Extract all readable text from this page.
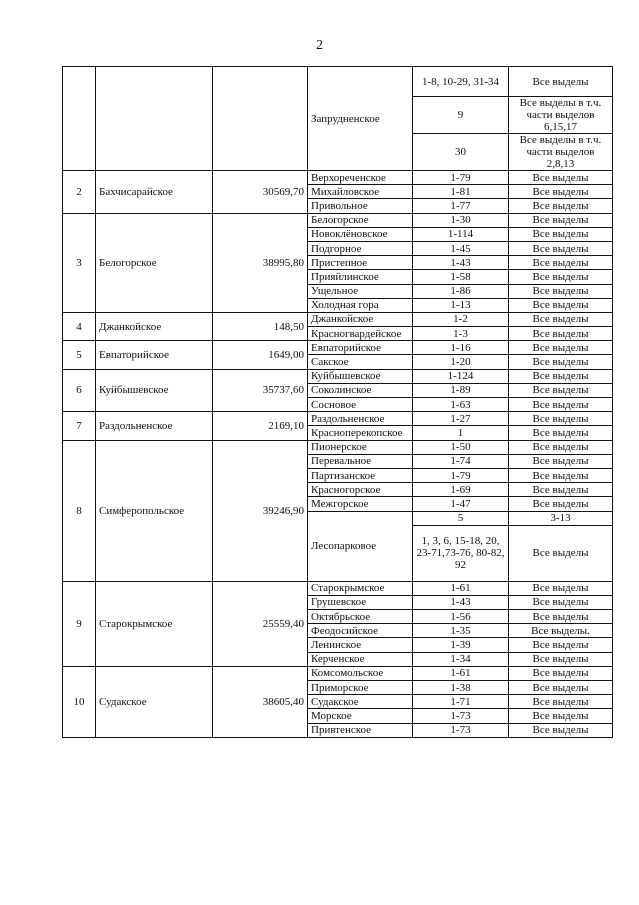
2
			Запрудненское	1-8, 10-29, 31-34	Все выделы
				9	Все выделы в т.ч. части выделов 6,15,17
				30	Все выделы в т.ч. части выделов 2,8,13
2	Бахчисарайское	30569,70	Верхореченское	1-79	Все выделы
			Михайловское	1-81	Все выделы
			Привольное	1-77	Все выделы
3	Белогорское	38995,80	Белогорское	1-30	Все выделы
			Новоклёновское	1-114	Все выделы
			Подгорное	1-45	Все выделы
			Пристепное	1-43	Все выделы
			Прияйлинское	1-58	Все выделы
			Ущельное	1-86	Все выделы
			Холодная гора	1-13	Все выделы
4	Джанкойское	148,50	Джанкойское	1-2	Все выделы
			Красногвардейское	1-3	Все выделы
5	Евпаторийское	1649,00	Евпаторийское	1-16	Все выделы
			Сакское	1-20	Все выделы
6	Куйбышевское	35737,60	Куйбышевское	1-124	Все выделы
			Соколинское	1-89	Все выделы
			Сосновое	1-63	Все выделы
7	Раздольненское	2169,10	Раздольненское	1-27	Все выделы
			Красноперекопское	1	Все выделы
8	Симферопольское	39246,90	Пионерское	1-50	Все выделы
			Перевальное	1-74	Все выделы
			Партизанское	1-79	Все выделы
			Красногорское	1-69	Все выделы
			Межгорское	1-47	Все выделы
			Лесопарковое	5	3-13
				1, 3, 6, 15-18, 20, 23-71,73-76, 80-82, 92	Все выделы
9	Старокрымское	25559,40	Старокрымское	1-61	Все выделы
			Грушевское	1-43	Все выделы
			Октябрьское	1-56	Все выделы
			Феодосийское	1-35	Все выделы.
			Ленинское	1-39	Все выделы
			Керченское	1-34	Все выделы
10	Судакское	38605,40	Комсомольское	1-61	Все выделы
			Приморское	1-38	Все выделы
			Судакское	1-71	Все выделы
			Морское	1-73	Все выделы
			Привтенское	1-73	Все выделы
